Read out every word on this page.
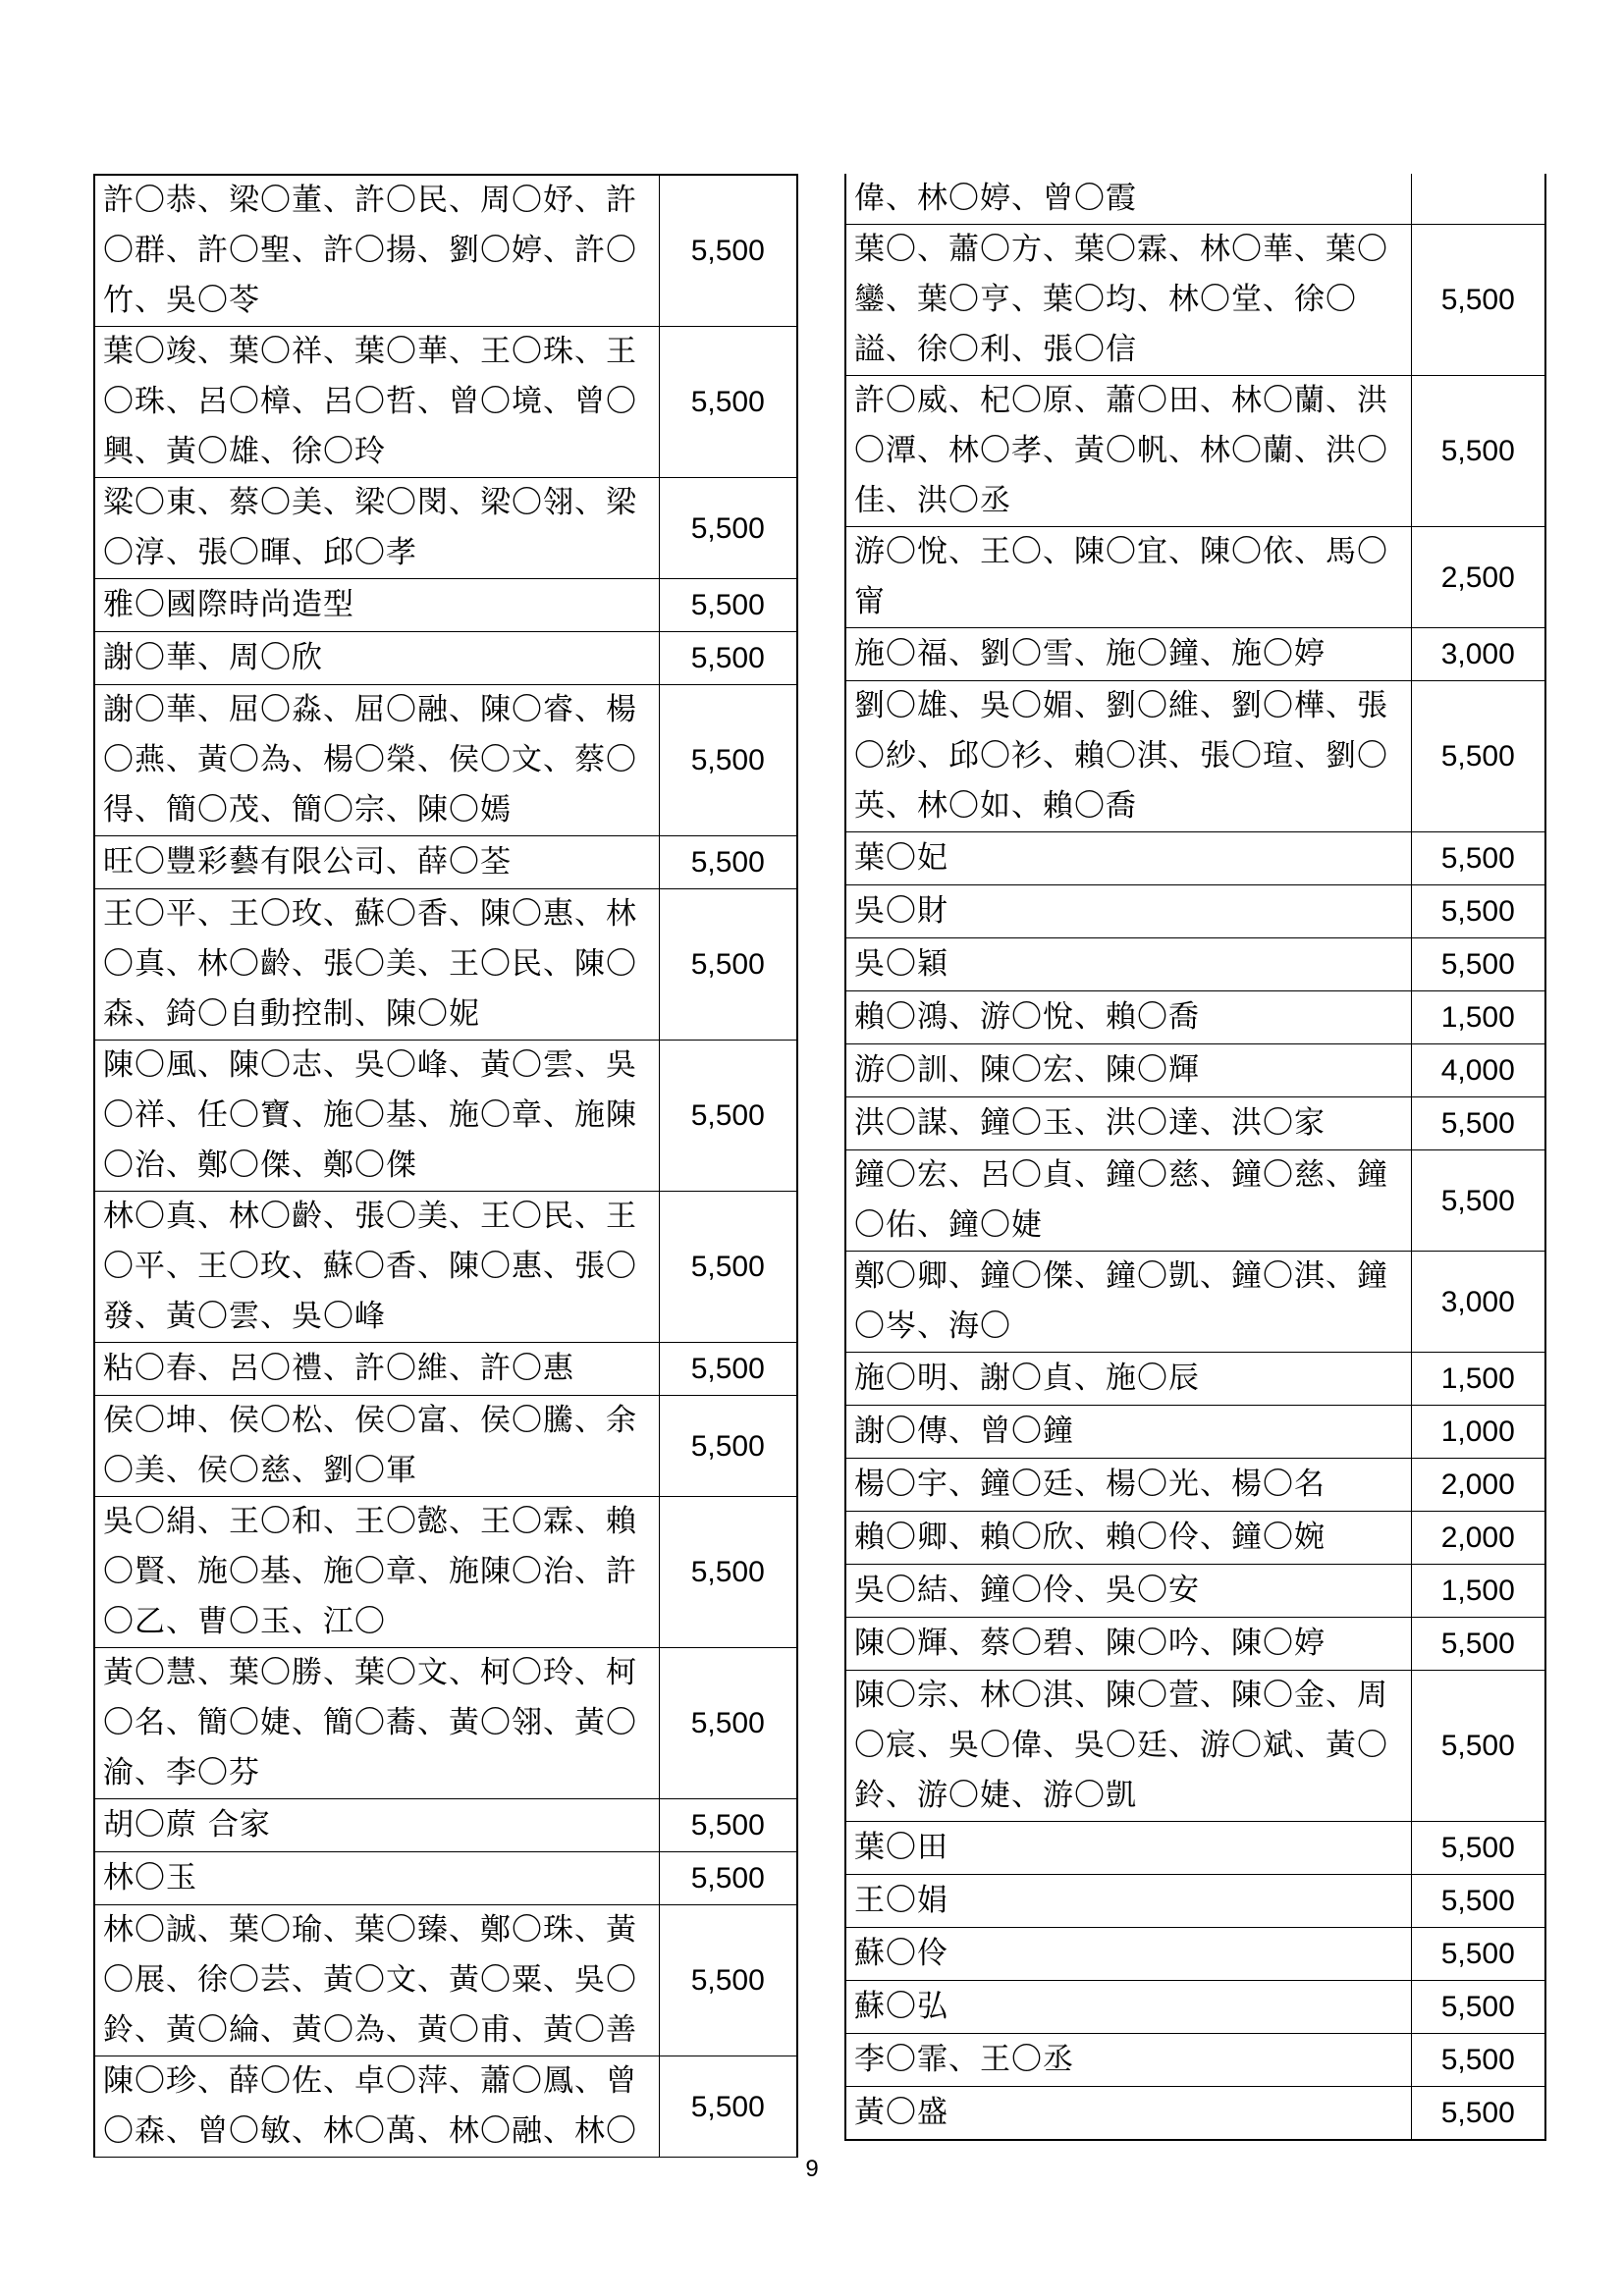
許〇恭、梁〇董、許〇民、周〇妤、許〇群、許〇聖、許〇揚、劉〇婷、許〇竹、吳〇苓	5,500
葉〇竣、葉〇祥、葉〇華、王〇珠、王〇珠、呂〇樟、呂〇哲、曾〇境、曾〇興、黃〇雄、徐〇玲	5,500
粱〇東、蔡〇美、梁〇閔、梁〇翎、梁〇淳、張〇暉、邱〇孝	5,500
雅〇國際時尚造型	5,500
謝〇華、周〇欣	5,500
謝〇華、屈〇淼、屈〇融、陳〇睿、楊〇燕、黃〇為、楊〇榮、侯〇文、蔡〇得、簡〇茂、簡〇宗、陳〇嫣	5,500
旺〇豐彩藝有限公司、薛〇荃	5,500
王〇平、王〇玫、蘇〇香、陳〇惠、林〇真、林〇齡、張〇美、王〇民、陳〇森、錡〇自動控制、陳〇妮	5,500
陳〇風、陳〇志、吳〇峰、黃〇雲、吳〇祥、任〇寶、施〇基、施〇章、施陳〇治、鄭〇傑、鄭〇傑	5,500
林〇真、林〇齡、張〇美、王〇民、王〇平、王〇玫、蘇〇香、陳〇惠、張〇發、黃〇雲、吳〇峰	5,500
粘〇春、呂〇禮、許〇維、許〇惠	5,500
侯〇坤、侯〇松、侯〇富、侯〇騰、余〇美、侯〇慈、劉〇軍	5,500
吳〇絹、王〇和、王〇懿、王〇霖、賴〇賢、施〇基、施〇章、施陳〇治、許〇乙、曹〇玉、江〇	5,500
黃〇慧、葉〇勝、葉〇文、柯〇玲、柯〇名、簡〇婕、簡〇蕎、黃〇翎、黃〇渝、李〇芬	5,500
胡〇蒝 合家	5,500
林〇玉	5,500
林〇誠、葉〇瑜、葉〇臻、鄭〇珠、黃〇展、徐〇芸、黃〇文、黃〇粟、吳〇鈴、黃〇綸、黃〇為、黃〇甫、黃〇善	5,500
陳〇珍、薛〇佐、卓〇萍、蕭〇鳳、曾〇森、曾〇敏、林〇萬、林〇融、林〇	5,500
偉、林〇婷、曾〇霞	
葉〇、蕭〇方、葉〇霖、林〇華、葉〇鑾、葉〇亨、葉〇均、林〇堂、徐〇謚、徐〇利、張〇信	5,500
許〇威、杞〇原、蕭〇田、林〇蘭、洪〇潭、林〇孝、黃〇帆、林〇蘭、洪〇佳、洪〇丞	5,500
游〇悅、王〇、陳〇宜、陳〇依、馬〇甯	2,500
施〇福、劉〇雪、施〇鐘、施〇婷	3,000
劉〇雄、吳〇媚、劉〇維、劉〇樺、張〇紗、邱〇衫、賴〇淇、張〇瑄、劉〇英、林〇如、賴〇喬	5,500
葉〇妃	5,500
吳〇財	5,500
吳〇穎	5,500
賴〇鴻、游〇悅、賴〇喬	1,500
游〇訓、陳〇宏、陳〇輝	4,000
洪〇謀、鐘〇玉、洪〇達、洪〇家	5,500
鐘〇宏、呂〇貞、鐘〇慈、鐘〇慈、鐘〇佑、鐘〇婕	5,500
鄭〇卿、鐘〇傑、鐘〇凱、鐘〇淇、鐘〇岑、海〇	3,000
施〇明、謝〇貞、施〇辰	1,500
謝〇傳、曾〇鐘	1,000
楊〇宇、鐘〇廷、楊〇光、楊〇名	2,000
賴〇卿、賴〇欣、賴〇伶、鐘〇婉	2,000
吳〇結、鐘〇伶、吳〇安	1,500
陳〇輝、蔡〇碧、陳〇吟、陳〇婷	5,500
陳〇宗、林〇淇、陳〇萱、陳〇金、周〇宸、吳〇偉、吳〇廷、游〇斌、黃〇鈴、游〇婕、游〇凱	5,500
葉〇田	5,500
王〇娟	5,500
蘇〇伶	5,500
蘇〇弘	5,500
李〇霏、王〇丞	5,500
黃〇盛	5,500
9
